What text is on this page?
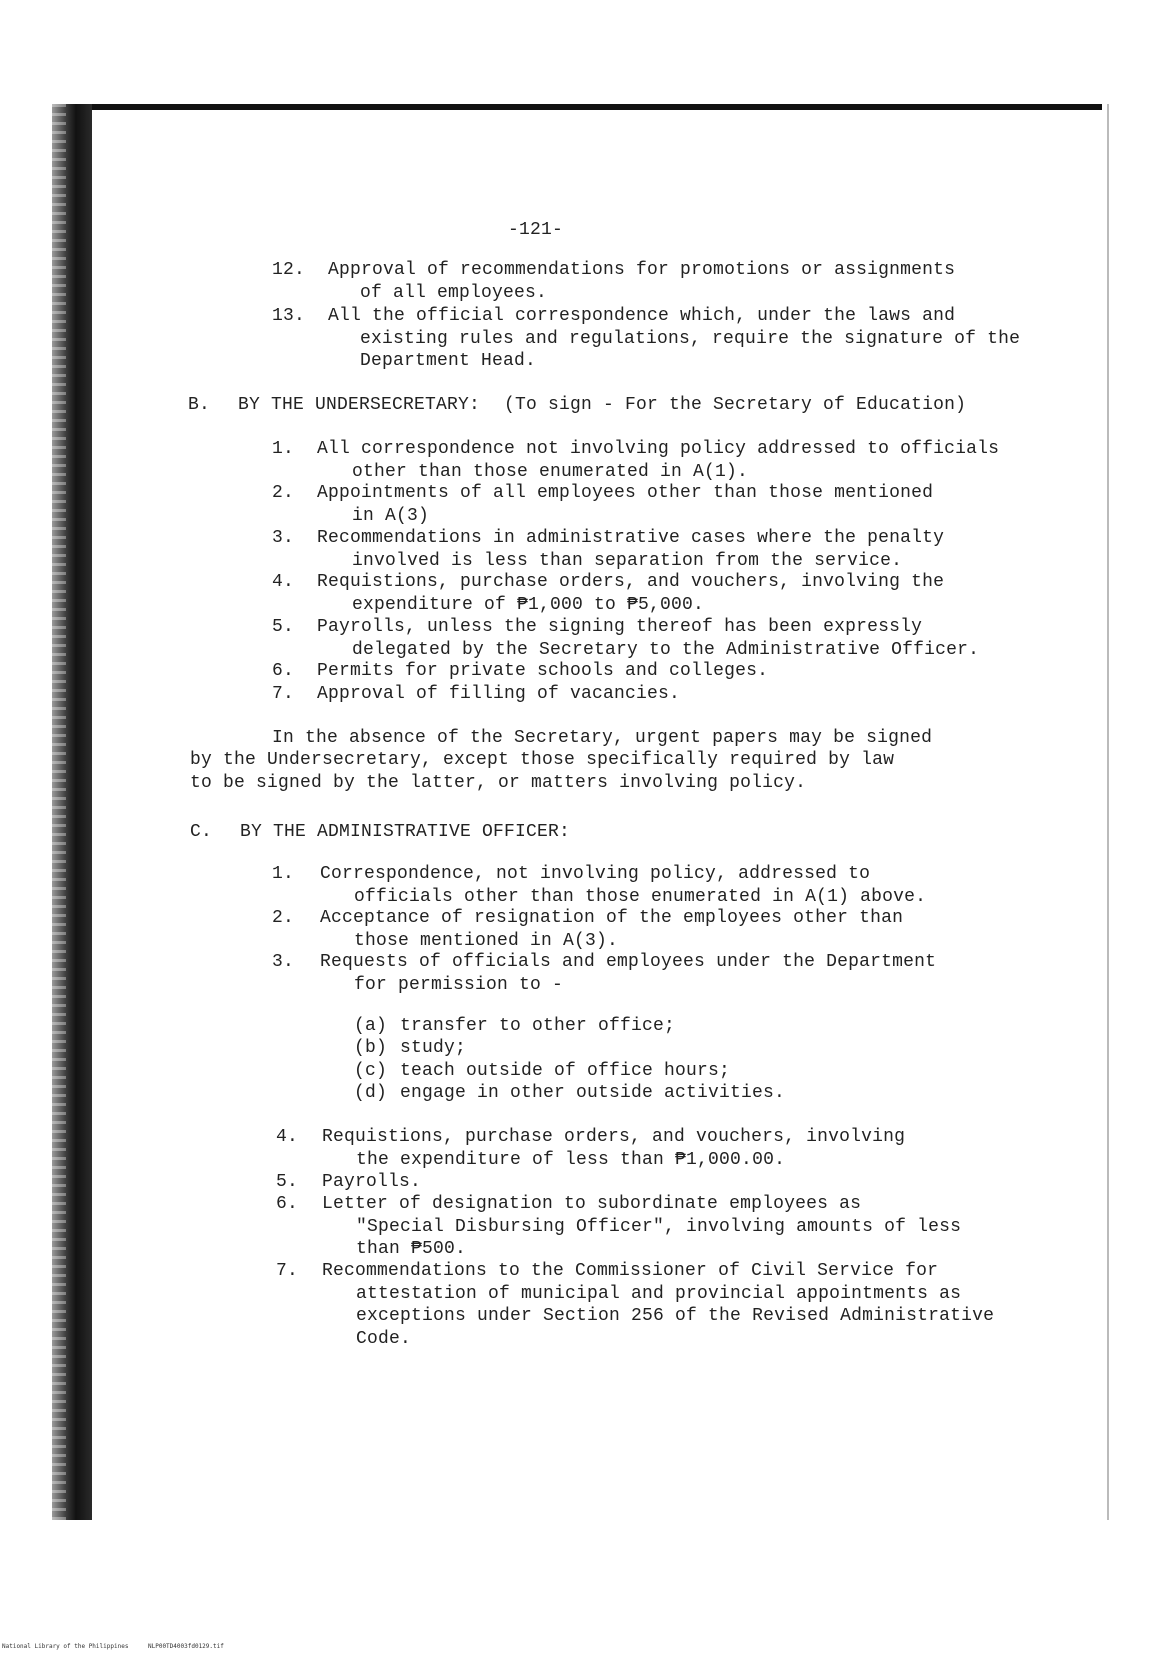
-121-
12. Approval of recommendations for promotions or assignments
of all employees.
13. All the official correspondence which, under the laws and
existing rules and regulations, require the signature of the
Department Head.
B. BY THE UNDERSECRETARY: (To sign - For the Secretary of Education)
1. All correspondence not involving policy addressed to officials
other than those enumerated in A(1).
2. Appointments of all employees other than those mentioned
in A(3)
3. Recommendations in administrative cases where the penalty
involved is less than separation from the service.
4. Requistions, purchase orders, and vouchers, involving the
expenditure of ₱1,000 to ₱5,000.
5. Payrolls, unless the signing thereof has been expressly
delegated by the Secretary to the Administrative Officer.
6. Permits for private schools and colleges.
7. Approval of filling of vacancies.
In the absence of the Secretary, urgent papers may be signed
by the Undersecretary, except those specifically required by law
to be signed by the latter, or matters involving policy.
C. BY THE ADMINISTRATIVE OFFICER:
1. Correspondence, not involving policy, addressed to
officials other than those enumerated in A(1) above.
2. Acceptance of resignation of the employees other than
those mentioned in A(3).
3. Requests of officials and employees under the Department
for permission to -
(a) transfer to other office;
(b) study;
(c) teach outside of office hours;
(d) engage in other outside activities.
4. Requistions, purchase orders, and vouchers, involving
the expenditure of less than ₱1,000.00.
5. Payrolls.
6. Letter of designation to subordinate employees as
"Special Disbursing Officer", involving amounts of less
than ₱500.
7. Recommendations to the Commissioner of Civil Service for
attestation of municipal and provincial appointments as
exceptions under Section 256 of the Revised Administrative
Code.
National Library of the Philippines	NLP00TD4003fd0129.tif
